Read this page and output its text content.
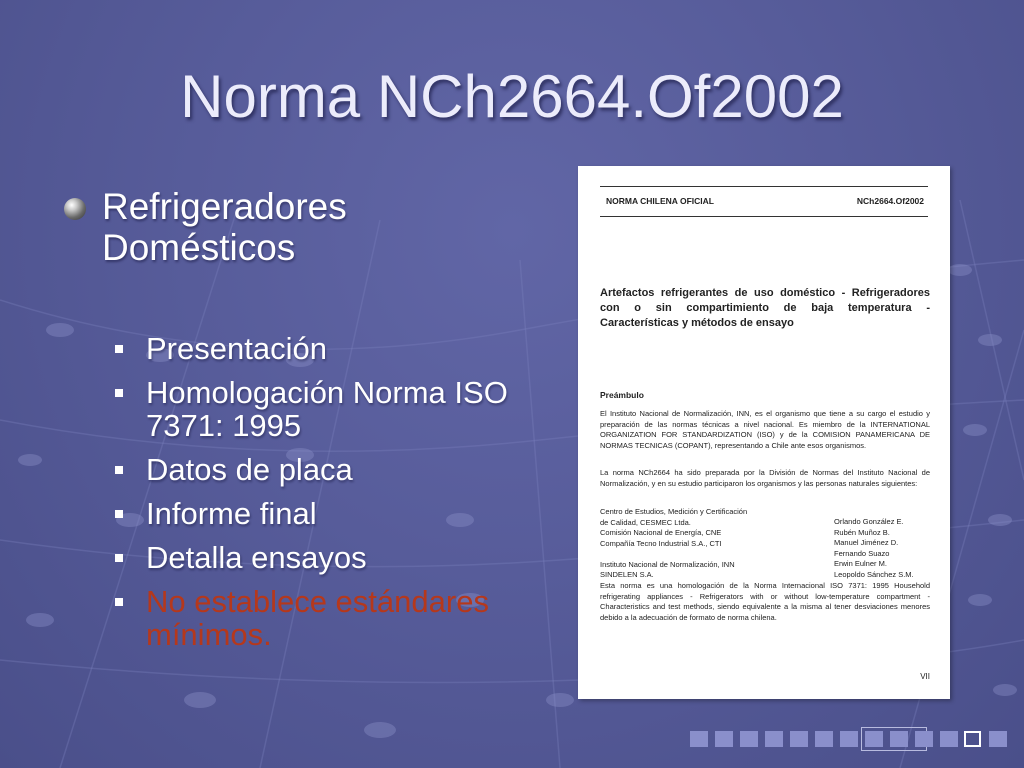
Norma NCh2664.Of2002
Refrigeradores Domésticos
Presentación
Homologación Norma ISO 7371: 1995
Datos de placa
Informe final
Detalla ensayos
No establece estándares mínimos.
NORMA CHILENA OFICIAL	NCh2664.Of2002
Artefactos refrigerantes de uso doméstico - Refrigeradores con o sin compartimiento de baja temperatura - Características y métodos de ensayo
Preámbulo
El Instituto Nacional de Normalización, INN, es el organismo que tiene a su cargo el estudio y preparación de las normas técnicas a nivel nacional. Es miembro de la INTERNATIONAL ORGANIZATION FOR STANDARDIZATION (ISO) y de la COMISION PANAMERICANA DE NORMAS TECNICAS (COPANT), representando a Chile ante esos organismos.
La norma NCh2664 ha sido preparada por la División de Normas del Instituto Nacional de Normalización, y en su estudio participaron los organismos y las personas naturales siguientes:
Centro de Estudios, Medición y Certificación
de Calidad, CESMEC Ltda.
Comisión Nacional de Energía, CNE
Compañía Tecno Industrial S.A., CTI

Instituto Nacional de Normalización, INN
SINDELEN S.A.
Orlando González E.
Rubén Muñoz B.
Manuel Jiménez D.
Fernando Suazo
Erwin Eulner M.
Leopoldo Sánchez S.M.
Esta norma es una homologación de la Norma Internacional ISO 7371: 1995 Household refrigerating appliances - Refrigerators with or without low-temperature compartment - Characteristics and test methods, siendo equivalente a la misma al tener desviaciones menores debido a la adecuación de formato de norma chilena.
VII
